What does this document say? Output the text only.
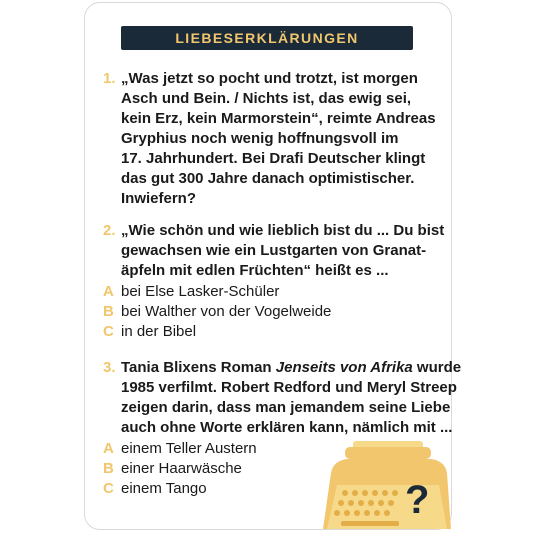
LIEBESERKLÄRUNGEN
1. „Was jetzt so pocht und trotzt, ist morgen
Asch und Bein. / Nichts ist, das ewig sei,
kein Erz, kein Marmorstein“, reimte Andreas
Gryphius noch wenig hoffnungsvoll im
17. Jahrhundert. Bei Drafi Deutscher klingt
das gut 300 Jahre danach optimistischer.
Inwiefern?
2. „Wie schön und wie lieblich bist du ... Du bist
gewachsen wie ein Lustgarten von Granat-
äpfeln mit edlen Früchten“ heißt es ...
A bei Else Lasker-Schüler
B bei Walther von der Vogelweide
C in der Bibel
3. Tania Blixens Roman Jenseits von Afrika wurde
1985 verfilmt. Robert Redford und Meryl Streep
zeigen darin, dass man jemandem seine Liebe
auch ohne Worte erklären kann, nämlich mit ...
A einem Teller Austern
B einer Haarwäsche
C einem Tango	?
